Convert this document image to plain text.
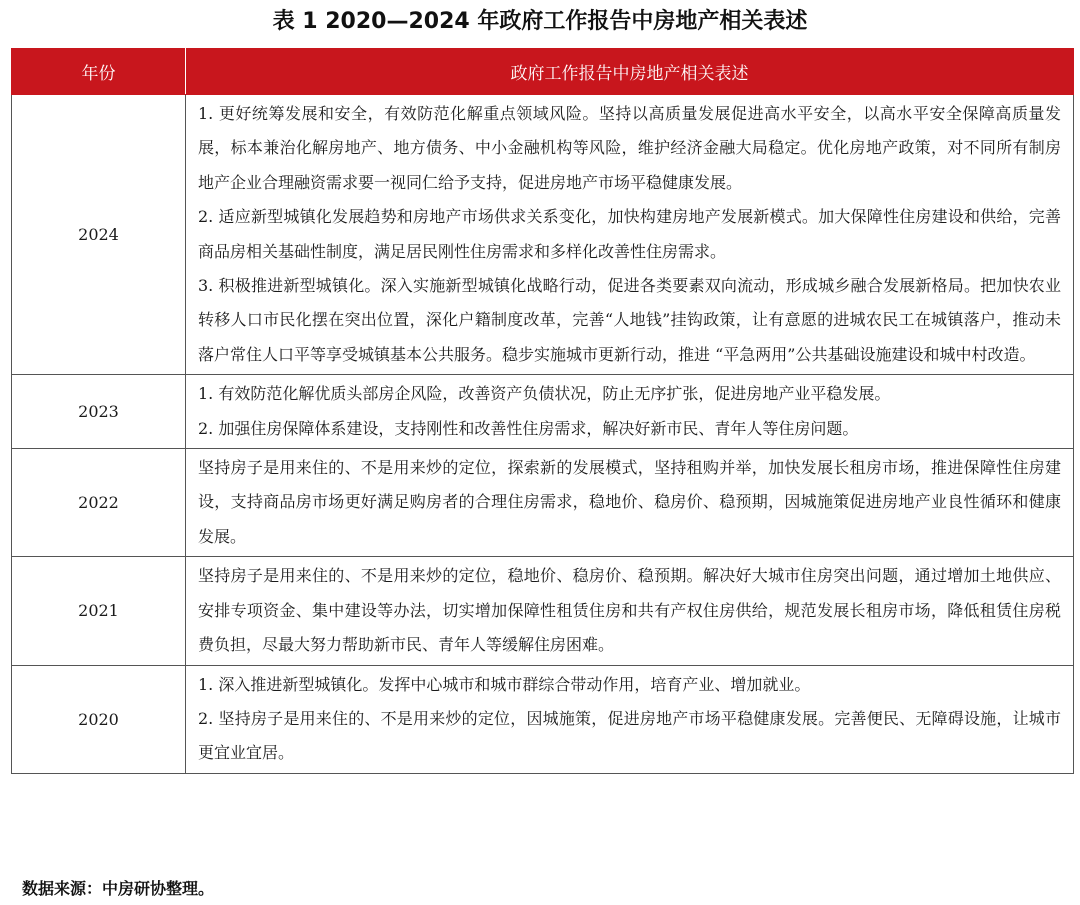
表 1 2020—2024 年政府工作报告中房地产相关表述
年份	政府工作报告中房地产相关表述
2024	1. 更好统筹发展和安全，有效防范化解重点领域风险。坚持以高质量发展促进高水平安全，以高水平安全保障高质量发展，标本兼治化解房地产、地方债务、中小金融机构等风险，维护经济金融大局稳定。优化房地产政策，对不同所有制房地产企业合理融资需求要一视同仁给予支持，促进房地产市场平稳健康发展。

2. 适应新型城镇化发展趋势和房地产市场供求关系变化，加快构建房地产发展新模式。加大保障性住房建设和供给，完善商品房相关基础性制度，满足居民刚性住房需求和多样化改善性住房需求。

3. 积极推进新型城镇化。深入实施新型城镇化战略行动，促进各类要素双向流动，形成城乡融合发展新格局。把加快农业转移人口市民化摆在突出位置，深化户籍制度改革，完善“人地钱”挂钩政策，让有意愿的进城农民工在城镇落户，推动未落户常住人口平等享受城镇基本公共服务。稳步实施城市更新行动，推进 “平急两用”公共基础设施建设和城中村改造。

2023	1. 有效防范化解优质头部房企风险，改善资产负债状况，防止无序扩张，促进房地产业平稳发展。

2. 加强住房保障体系建设，支持刚性和改善性住房需求，解决好新市民、青年人等住房问题。

2022	坚持房子是用来住的、不是用来炒的定位，探索新的发展模式，坚持租购并举，加快发展长租房市场，推进保障性住房建设，支持商品房市场更好满足购房者的合理住房需求，稳地价、稳房价、稳预期，因城施策促进房地产业良性循环和健康发展。

2021	坚持房子是用来住的、不是用来炒的定位，稳地价、稳房价、稳预期。解决好大城市住房突出问题，通过增加土地供应、安排专项资金、集中建设等办法，切实增加保障性租赁住房和共有产权住房供给，规范发展长租房市场，降低租赁住房税费负担，尽最大努力帮助新市民、青年人等缓解住房困难。

2020	1. 深入推进新型城镇化。发挥中心城市和城市群综合带动作用，培育产业、增加就业。

2. 坚持房子是用来住的、不是用来炒的定位，因城施策，促进房地产市场平稳健康发展。完善便民、无障碍设施，让城市更宜业宜居。

数据来源：中房研协整理。
